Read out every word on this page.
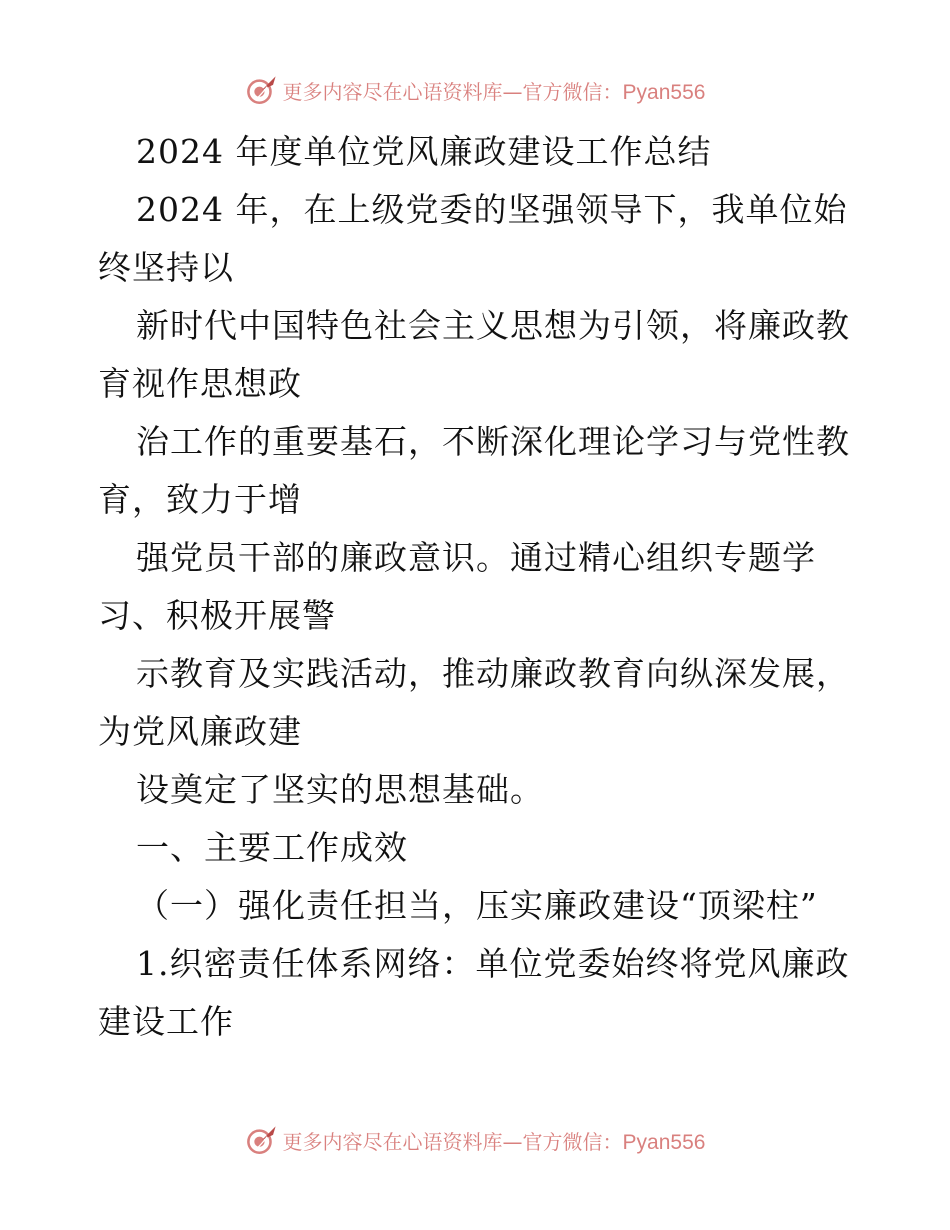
更多内容尽在心语资料库—官方微信：Pyan556
2024 年度单位党风廉政建设工作总结
2024 年，在上级党委的坚强领导下，我单位始
终坚持以
新时代中国特色社会主义思想为引领，将廉政教
育视作思想政
治工作的重要基石，不断深化理论学习与党性教
育，致力于增
强党员干部的廉政意识。通过精心组织专题学
习、积极开展警
示教育及实践活动，推动廉政教育向纵深发展，
为党风廉政建
设奠定了坚实的思想基础。
一、主要工作成效
（一）强化责任担当，压实廉政建设“顶梁柱”
1.织密责任体系网络：单位党委始终将党风廉政
建设工作
更多内容尽在心语资料库—官方微信：Pyan556
